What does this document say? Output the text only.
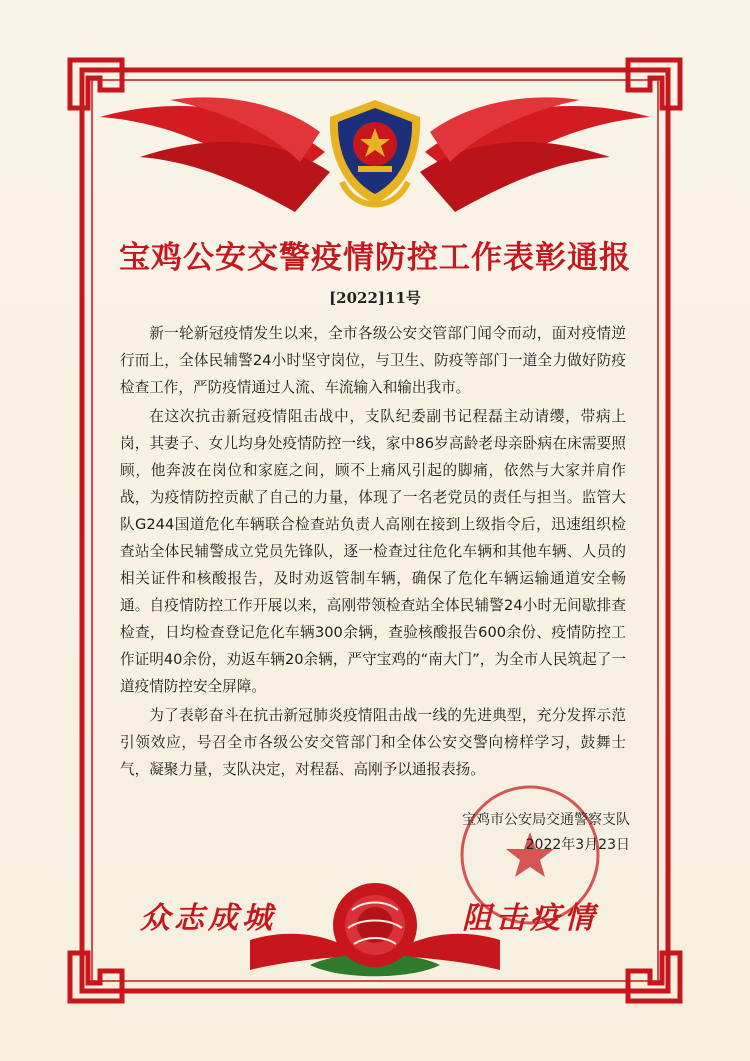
宝鸡公安交警疫情防控工作表彰通报
[2022]11号

新一轮新冠疫情发生以来，全市各级公安交管部门闻令而动，面对疫情逆行而上，全体民辅警24小时坚守岗位，与卫生、防疫等部门一道全力做好防疫检查工作，严防疫情通过人流、车流输入和输出我市。

在这次抗击新冠疫情阻击战中，支队纪委副书记程磊主动请缨，带病上岗，其妻子、女儿均身处疫情防控一线，家中86岁高龄老母亲卧病在床需要照顾，他奔波在岗位和家庭之间，顾不上痛风引起的脚痛，依然与大家并肩作战，为疫情防控贡献了自己的力量，体现了一名老党员的责任与担当。监管大队G244国道危化车辆联合检查站负责人高刚在接到上级指令后，迅速组织检查站全体民辅警成立党员先锋队，逐一检查过往危化车辆和其他车辆、人员的相关证件和核酸报告，及时劝返管制车辆，确保了危化车辆运输通道安全畅通。自疫情防控工作开展以来，高刚带领检查站全体民辅警24小时无间歇排查检查，日均检查登记危化车辆300余辆，查验核酸报告600余份、疫情防控工作证明40余份，劝返车辆20余辆，严守宝鸡的“南大门”，为全市人民筑起了一道疫情防控安全屏障。

为了表彰奋斗在抗击新冠肺炎疫情阻击战一线的先进典型，充分发挥示范引领效应，号召全市各级公安交管部门和全体公安交警向榜样学习，鼓舞士气，凝聚力量，支队决定，对程磊、高刚予以通报表扬。

宝鸡市公安局交通警察支队
2022年3月23日
众志成城	阻击疫情
